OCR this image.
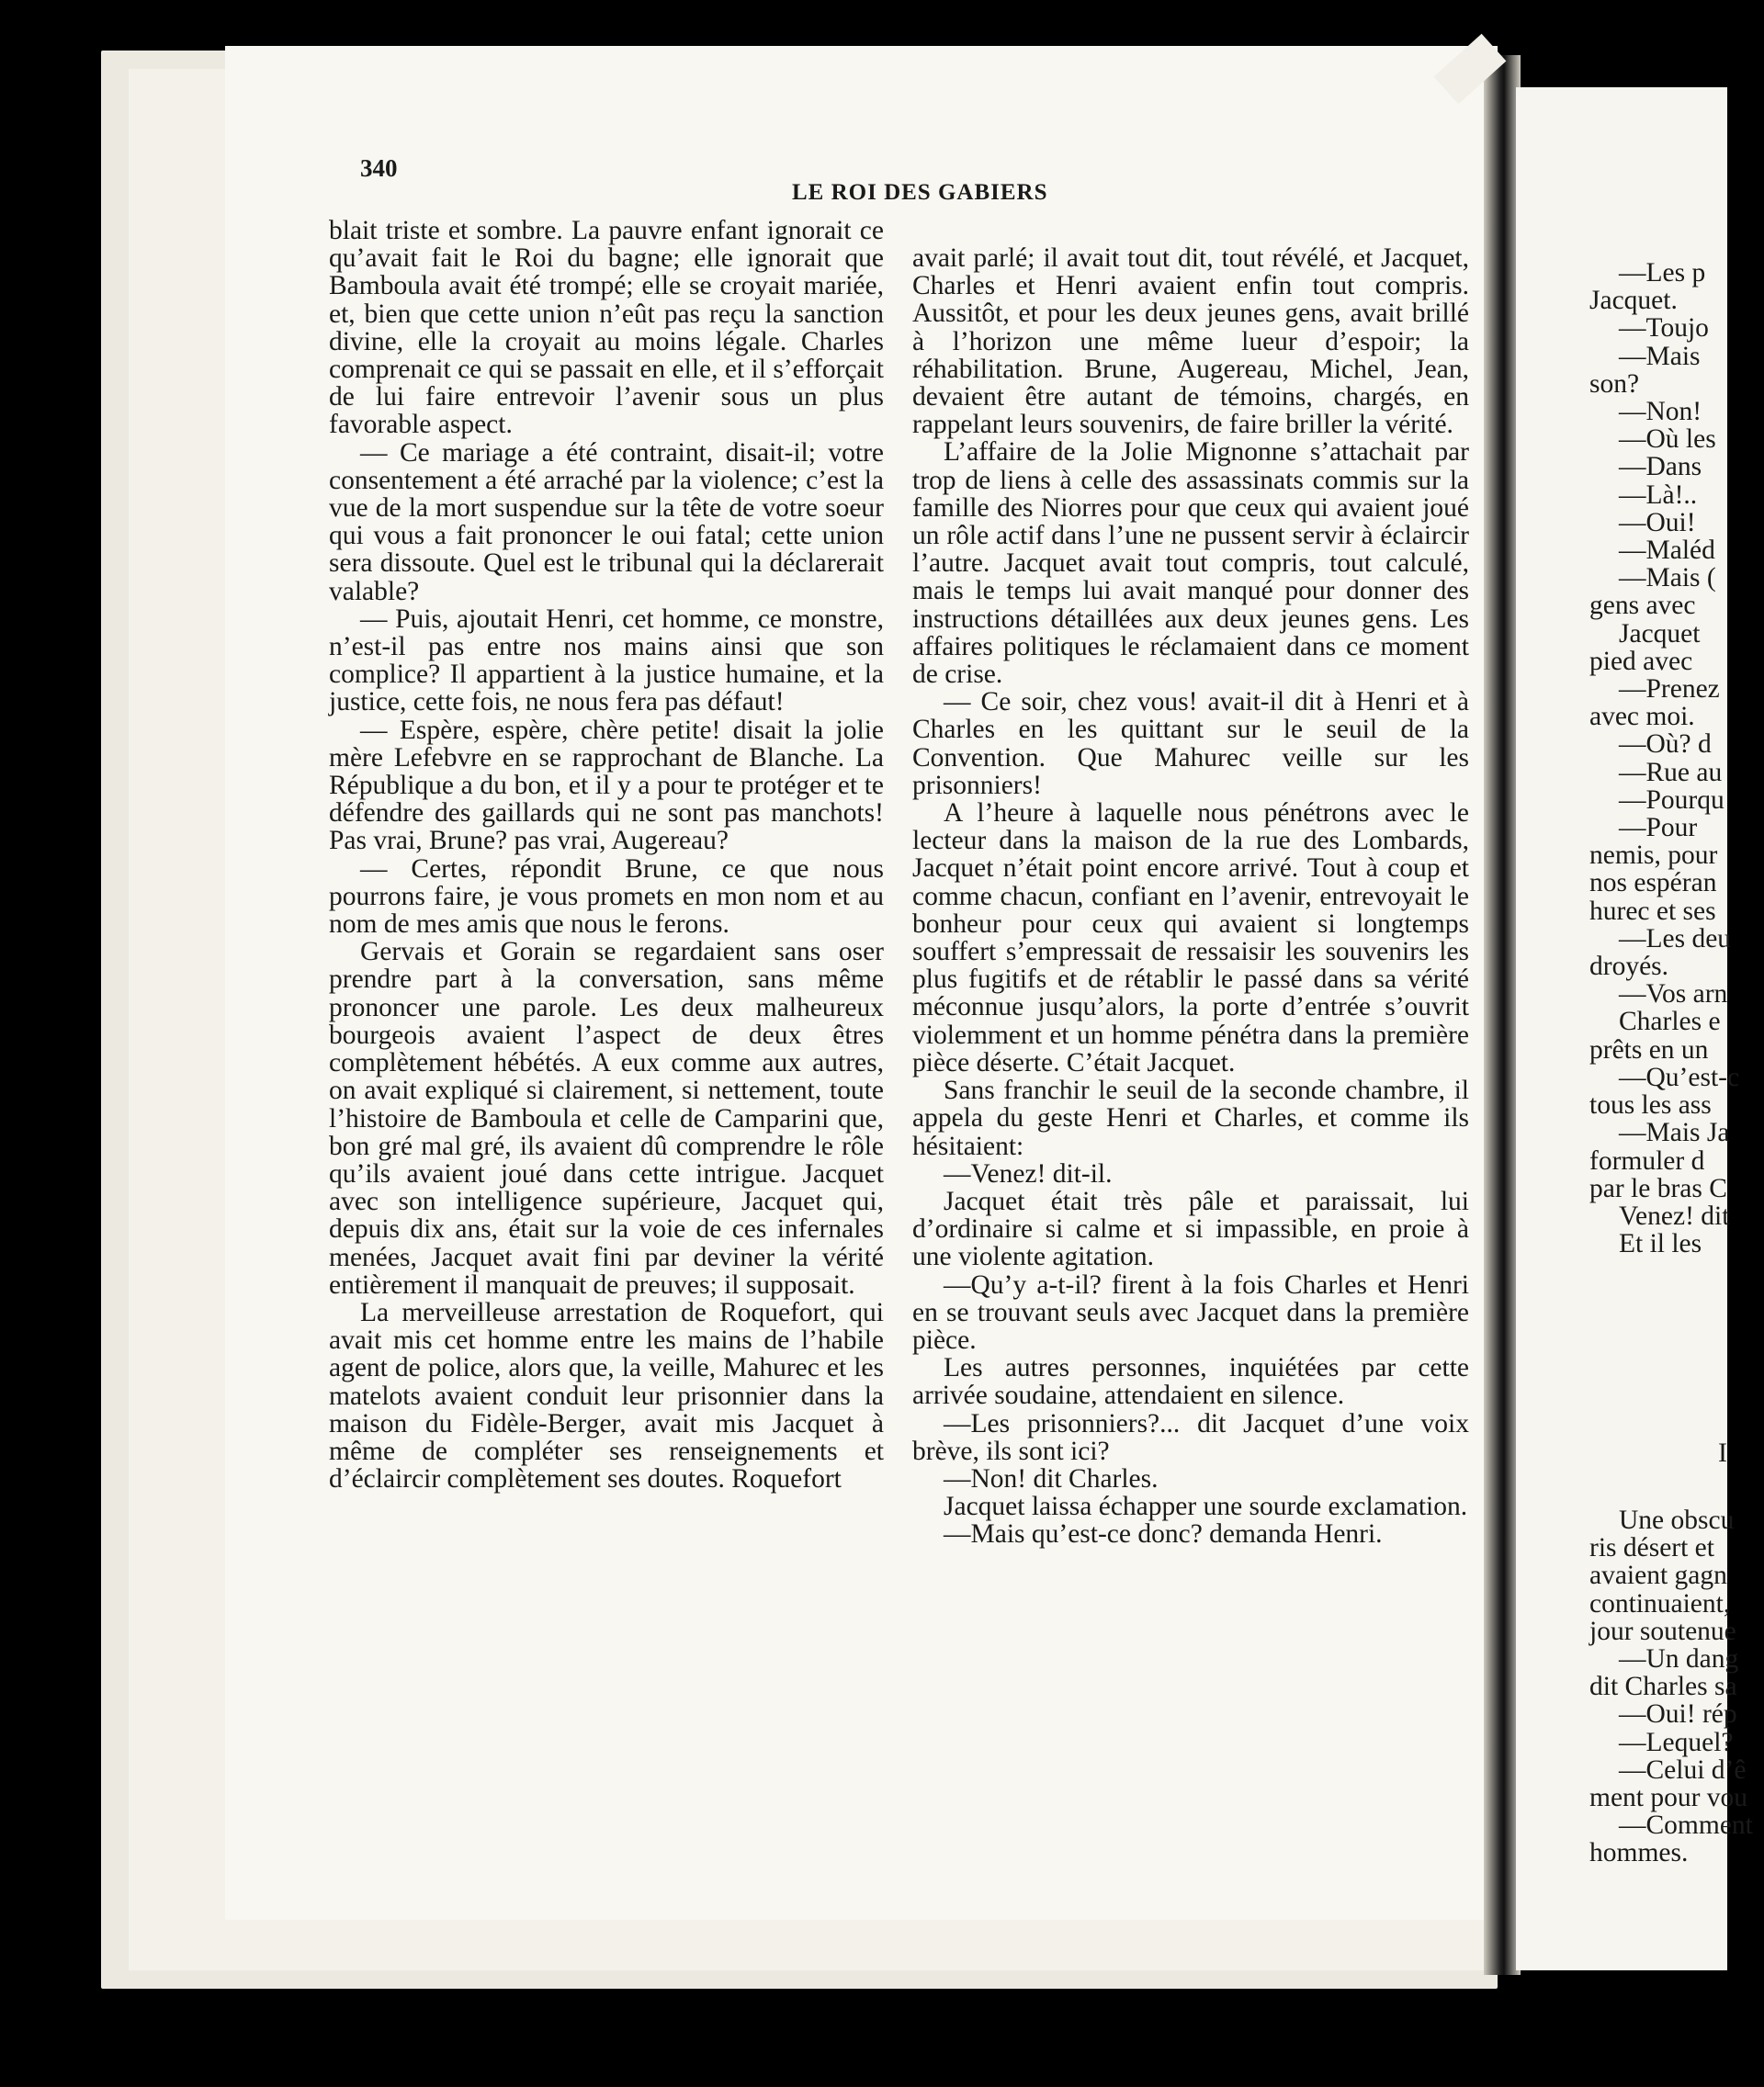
340
LE ROI DES GABIERS

blait triste et sombre. La pauvre enfant ignorait ce qu’avait fait le Roi du bagne; elle ignorait que Bamboula avait été trompé; elle se croyait mariée, et, bien que cette union n’eût pas reçu la sanction divine, elle la croyait au moins légale. Charles comprenait ce qui se passait en elle, et il s’efforçait de lui faire entrevoir l’avenir sous un plus favorable aspect.

— Ce mariage a été contraint, disait-il; votre consentement a été arraché par la violence; c’est la vue de la mort suspendue sur la tête de votre soeur qui vous a fait prononcer le oui fatal; cette union sera dissoute. Quel est le tribunal qui la déclarerait valable?

— Puis, ajoutait Henri, cet homme, ce monstre, n’est-il pas entre nos mains ainsi que son complice? Il appartient à la justice humaine, et la justice, cette fois, ne nous fera pas défaut!

— Espère, espère, chère petite! disait la jolie mère Lefebvre en se rapprochant de Blanche. La République a du bon, et il y a pour te protéger et te défendre des gaillards qui ne sont pas manchots! Pas vrai, Brune? pas vrai, Augereau?

— Certes, répondit Brune, ce que nous pourrons faire, je vous promets en mon nom et au nom de mes amis que nous le ferons.

Gervais et Gorain se regardaient sans oser prendre part à la conversation, sans même prononcer une parole. Les deux malheureux bourgeois avaient l’aspect de deux êtres complètement hébétés. A eux comme aux autres, on avait expliqué si clairement, si nettement, toute l’histoire de Bamboula et celle de Camparini que, bon gré mal gré, ils avaient dû comprendre le rôle qu’ils avaient joué dans cette intrigue. Jacquet avec son intelligence supérieure, Jacquet qui, depuis dix ans, était sur la voie de ces infernales menées, Jacquet avait fini par deviner la vérité entièrement il manquait de preuves; il supposait.

La merveilleuse arrestation de Roquefort, qui avait mis cet homme entre les mains de l’habile agent de police, alors que, la veille, Mahurec et les matelots avaient conduit leur prisonnier dans la maison du Fidèle-Berger, avait mis Jacquet à même de compléter ses renseignements et d’éclaircir complètement ses doutes. Roquefort

avait parlé; il avait tout dit, tout révélé, et Jacquet, Charles et Henri avaient enfin tout compris. Aussitôt, et pour les deux jeunes gens, avait brillé à l’horizon une même lueur d’espoir; la réhabilitation. Brune, Augereau, Michel, Jean, devaient être autant de témoins, chargés, en rappelant leurs souvenirs, de faire briller la vérité.

L’affaire de la Jolie Mignonne s’attachait par trop de liens à celle des assassinats commis sur la famille des Niorres pour que ceux qui avaient joué un rôle actif dans l’une ne pussent servir à éclaircir l’autre. Jacquet avait tout compris, tout calculé, mais le temps lui avait manqué pour donner des instructions détaillées aux deux jeunes gens. Les affaires politiques le réclamaient dans ce moment de crise.

— Ce soir, chez vous! avait-il dit à Henri et à Charles en les quittant sur le seuil de la Convention. Que Mahurec veille sur les prisonniers!

A l’heure à laquelle nous pénétrons avec le lecteur dans la maison de la rue des Lombards, Jacquet n’était point encore arrivé. Tout à coup et comme chacun, confiant en l’avenir, entrevoyait le bonheur pour ceux qui avaient si longtemps souffert s’empressait de ressaisir les souvenirs les plus fugitifs et de rétablir le passé dans sa vérité méconnue jusqu’alors, la porte d’entrée s’ouvrit violemment et un homme pénétra dans la première pièce déserte. C’était Jacquet.

Sans franchir le seuil de la seconde chambre, il appela du geste Henri et Charles, et comme ils hésitaient:

—Venez! dit-il.

Jacquet était très pâle et paraissait, lui d’ordinaire si calme et si impassible, en proie à une violente agitation.

—Qu’y a-t-il? firent à la fois Charles et Henri en se trouvant seuls avec Jacquet dans la première pièce.

Les autres personnes, inquiétées par cette arrivée soudaine, attendaient en silence.

—Les prisonniers?... dit Jacquet d’une voix brève, ils sont ici?

—Non! dit Charles.

Jacquet laissa échapper une sourde exclamation.

—Mais qu’est-ce donc? demanda Henri.

—Les p

Jacquet.

—Toujo

—Mais

son?

—Non!

—Où les

—Dans

—Là!..

—Oui!

—Maléd

—Mais (

gens avec

Jacquet

pied avec

—Prenez

avec moi.

—Où? d

—Rue au

—Pourqu

—Pour

nemis, pour

nos espéran

hurec et ses

—Les deu

droyés.

—Vos arn

Charles e

prêts en un

—Qu’est-c

tous les ass

—Mais Ja

formuler d

par le bras C

Venez! dit

Et il les

I

Une obscu

ris désert et

avaient gagn

continuaient,

jour soutenue

—Un dang

dit Charles sa

—Oui! rép

—Lequel?

—Celui d’ê

ment pour vou

—Comment

hommes.
